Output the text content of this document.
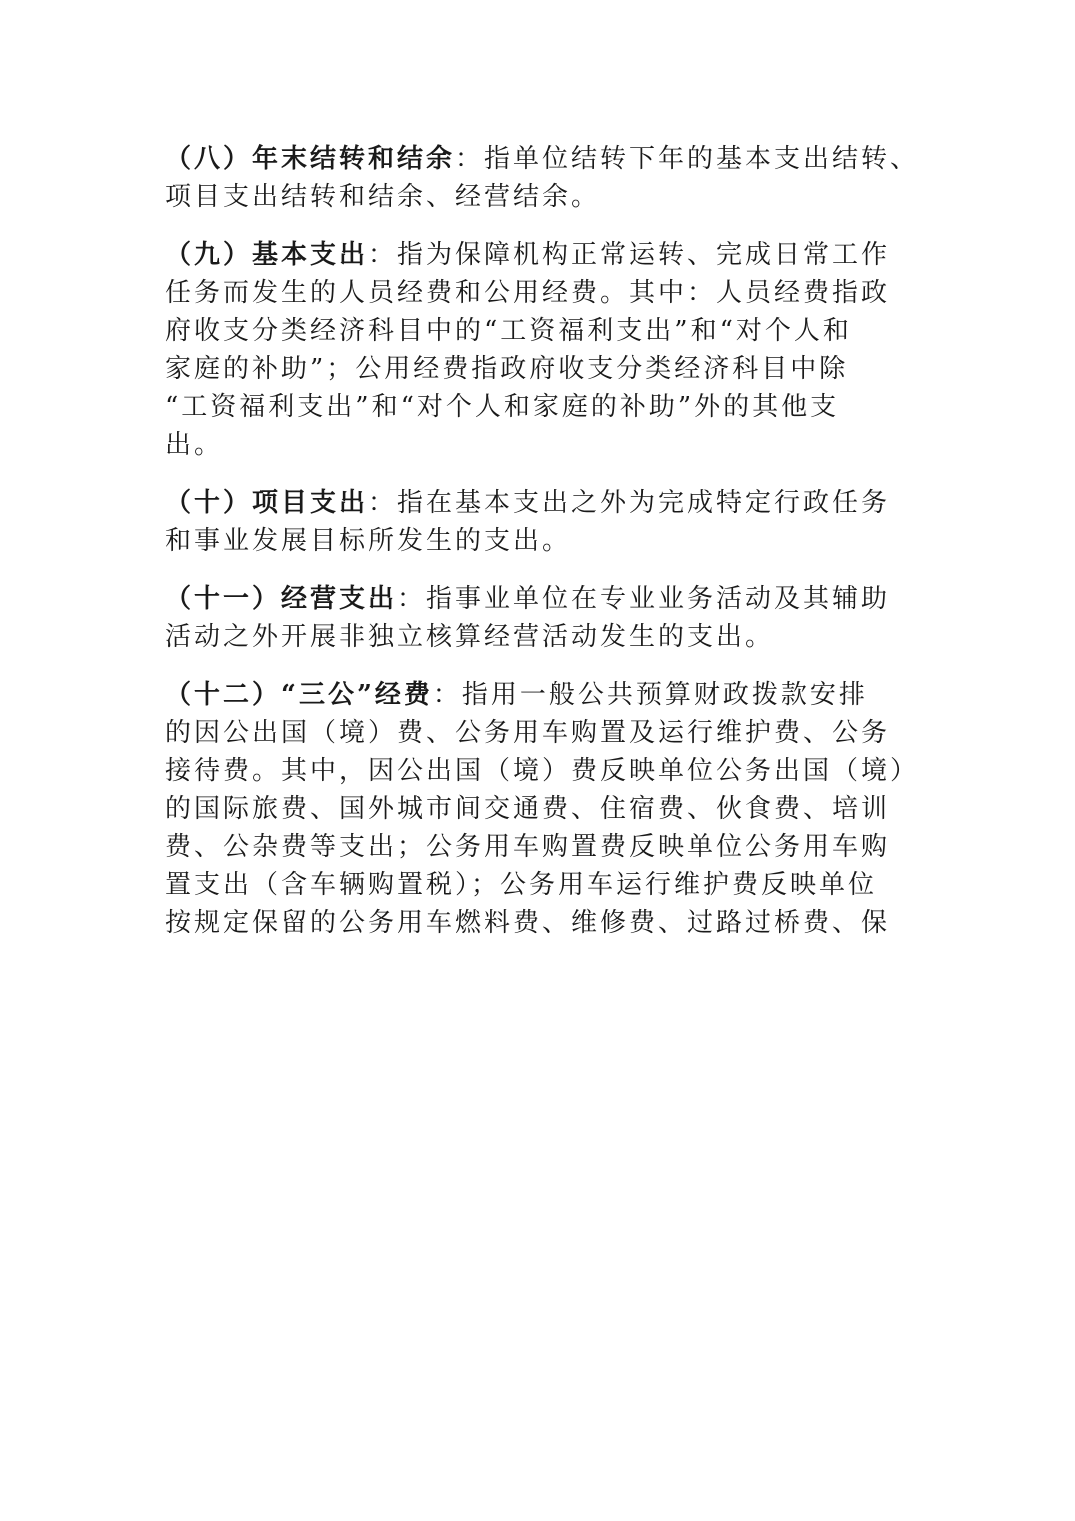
（八）年末结转和结余：指单位结转下年的基本支出结转、
项目支出结转和结余、经营结余。
（九）基本支出：指为保障机构正常运转、完成日常工作
任务而发生的人员经费和公用经费。其中：人员经费指政
府收支分类经济科目中的“工资福利支出”和“对个人和
家庭的补助”；公用经费指政府收支分类经济科目中除
“工资福利支出”和“对个人和家庭的补助”外的其他支
出。
（十）项目支出：指在基本支出之外为完成特定行政任务
和事业发展目标所发生的支出。
（十一）经营支出：指事业单位在专业业务活动及其辅助
活动之外开展非独立核算经营活动发生的支出。
（十二）“三公”经费：指用一般公共预算财政拨款安排
的因公出国（境）费、公务用车购置及运行维护费、公务
接待费。其中，因公出国（境）费反映单位公务出国（境）
的国际旅费、国外城市间交通费、住宿费、伙食费、培训
费、公杂费等支出；公务用车购置费反映单位公务用车购
置支出（含车辆购置税）；公务用车运行维护费反映单位
按规定保留的公务用车燃料费、维修费、过路过桥费、保
